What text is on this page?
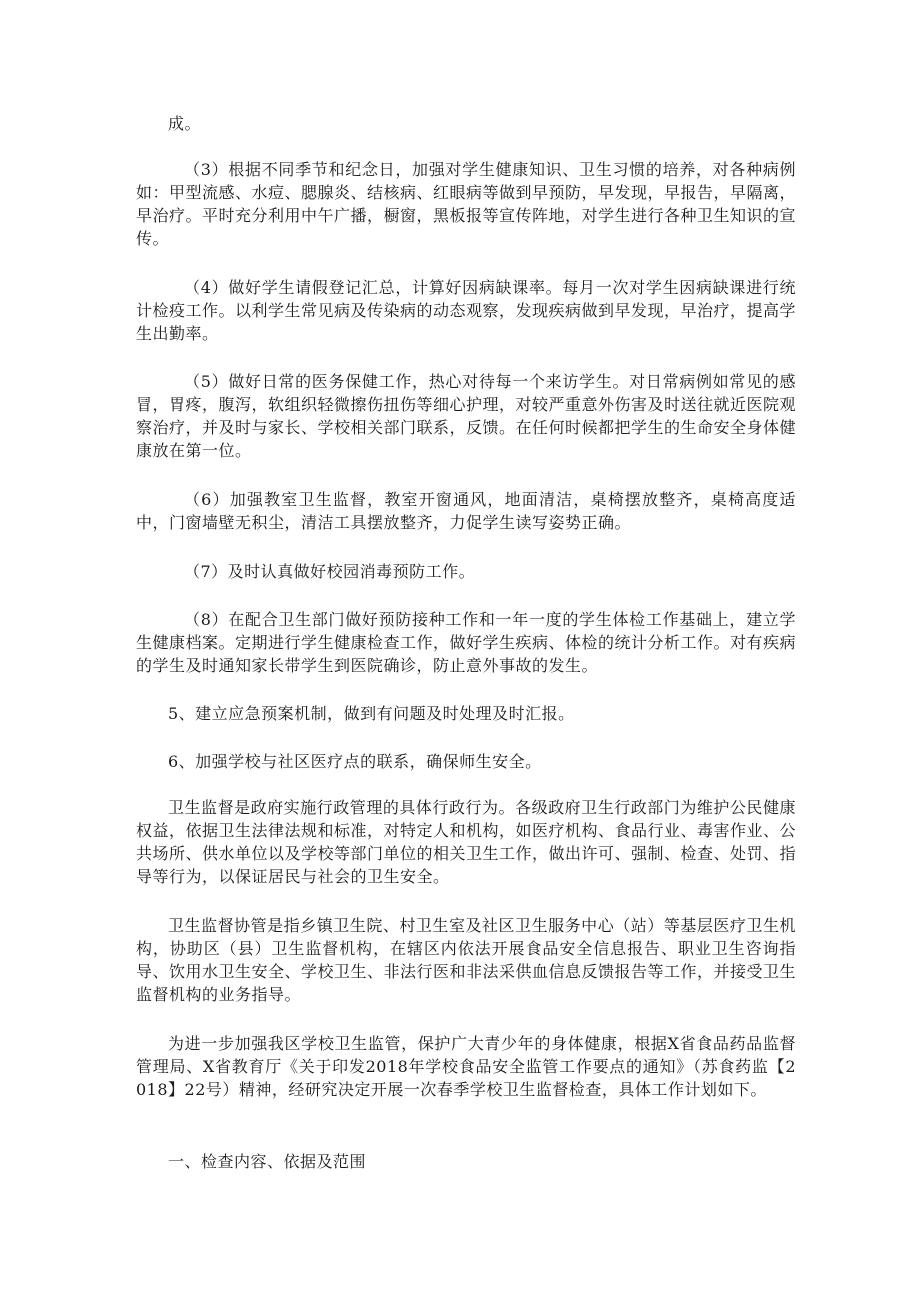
成。

（3）根据不同季节和纪念日，加强对学生健康知识、卫生习惯的培养，对各种病例如：甲型流感、水痘、腮腺炎、结核病、红眼病等做到早预防，早发现，早报告，早隔离，早治疗。平时充分利用中午广播，橱窗，黑板报等宣传阵地，对学生进行各种卫生知识的宣传。

（4）做好学生请假登记汇总，计算好因病缺课率。每月一次对学生因病缺课进行统计检疫工作。以利学生常见病及传染病的动态观察，发现疾病做到早发现，早治疗，提高学生出勤率。

（5）做好日常的医务保健工作，热心对待每一个来访学生。对日常病例如常见的感冒，胃疼，腹泻，软组织轻微擦伤扭伤等细心护理，对较严重意外伤害及时送往就近医院观察治疗，并及时与家长、学校相关部门联系，反馈。在任何时候都把学生的生命安全身体健康放在第一位。

（6）加强教室卫生监督，教室开窗通风，地面清洁，桌椅摆放整齐，桌椅高度适中，门窗墙壁无积尘，清洁工具摆放整齐，力促学生读写姿势正确。

（7）及时认真做好校园消毒预防工作。

（8）在配合卫生部门做好预防接种工作和一年一度的学生体检工作基础上，建立学生健康档案。定期进行学生健康检查工作，做好学生疾病、体检的统计分析工作。对有疾病的学生及时通知家长带学生到医院确诊，防止意外事故的发生。

5、建立应急预案机制，做到有问题及时处理及时汇报。

6、加强学校与社区医疗点的联系，确保师生安全。

卫生监督是政府实施行政管理的具体行政行为。各级政府卫生行政部门为维护公民健康权益，依据卫生法律法规和标准，对特定人和机构，如医疗机构、食品行业、毒害作业、公共场所、供水单位以及学校等部门单位的相关卫生工作，做出许可、强制、检查、处罚、指导等行为，以保证居民与社会的卫生安全。

卫生监督协管是指乡镇卫生院、村卫生室及社区卫生服务中心（站）等基层医疗卫生机构，协助区（县）卫生监督机构，在辖区内依法开展食品安全信息报告、职业卫生咨询指导、饮用水卫生安全、学校卫生、非法行医和非法采供血信息反馈报告等工作，并接受卫生监督机构的业务指导。

为进一步加强我区学校卫生监管，保护广大青少年的身体健康，根据X省食品药品监督管理局、X省教育厅《关于印发2018年学校食品安全监管工作要点的通知》（苏食药监【2018】22号）精神，经研究决定开展一次春季学校卫生监督检查，具体工作计划如下。

一、检查内容、依据及范围
